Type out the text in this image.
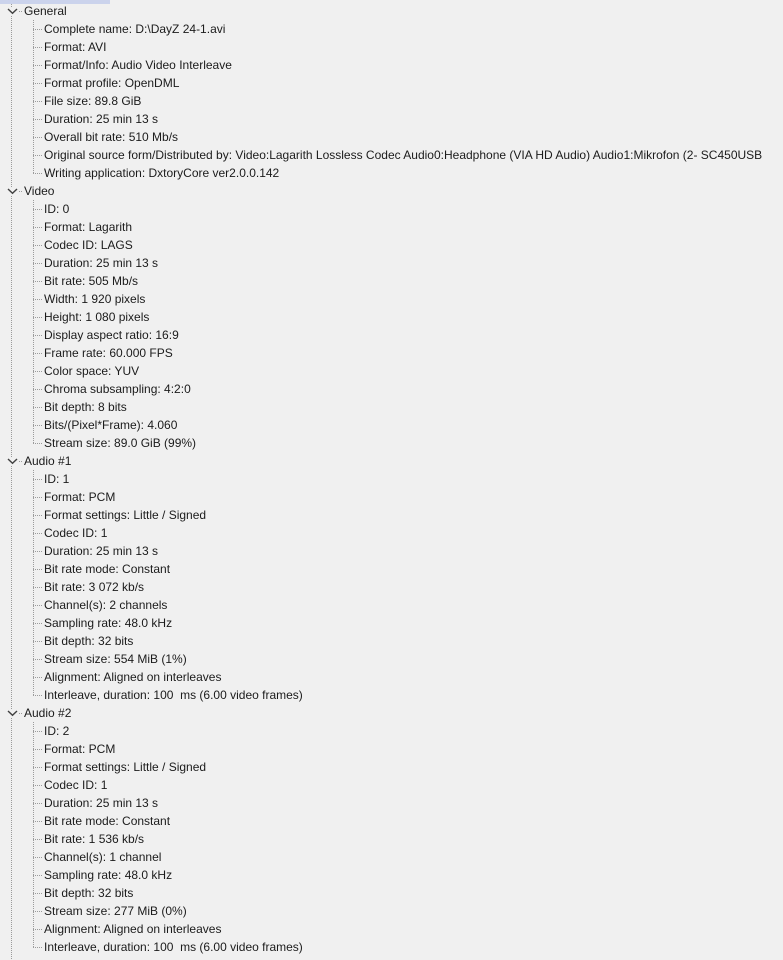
General

Complete name: D:\DayZ 24-1.avi

Format: AVI

Format/Info: Audio Video Interleave

Format profile: OpenDML

File size: 89.8 GiB

Duration: 25 min 13 s

Overall bit rate: 510 Mb/s

Original source form/Distributed by: Video:Lagarith Lossless Codec Audio0:Headphone (VIA HD Audio) Audio1:Mikrofon (2- SC450USB

Writing application: DxtoryCore ver2.0.0.142

Video

ID: 0

Format: Lagarith

Codec ID: LAGS

Duration: 25 min 13 s

Bit rate: 505 Mb/s

Width: 1 920 pixels

Height: 1 080 pixels

Display aspect ratio: 16:9

Frame rate: 60.000 FPS

Color space: YUV

Chroma subsampling: 4:2:0

Bit depth: 8 bits

Bits/(Pixel*Frame): 4.060

Stream size: 89.0 GiB (99%)

Audio #1

ID: 1

Format: PCM

Format settings: Little / Signed

Codec ID: 1

Duration: 25 min 13 s

Bit rate mode: Constant

Bit rate: 3 072 kb/s

Channel(s): 2 channels

Sampling rate: 48.0 kHz

Bit depth: 32 bits

Stream size: 554 MiB (1%)

Alignment: Aligned on interleaves

Interleave, duration: 100  ms (6.00 video frames)

Audio #2

ID: 2

Format: PCM

Format settings: Little / Signed

Codec ID: 1

Duration: 25 min 13 s

Bit rate mode: Constant

Bit rate: 1 536 kb/s

Channel(s): 1 channel

Sampling rate: 48.0 kHz

Bit depth: 32 bits

Stream size: 277 MiB (0%)

Alignment: Aligned on interleaves

Interleave, duration: 100  ms (6.00 video frames)
